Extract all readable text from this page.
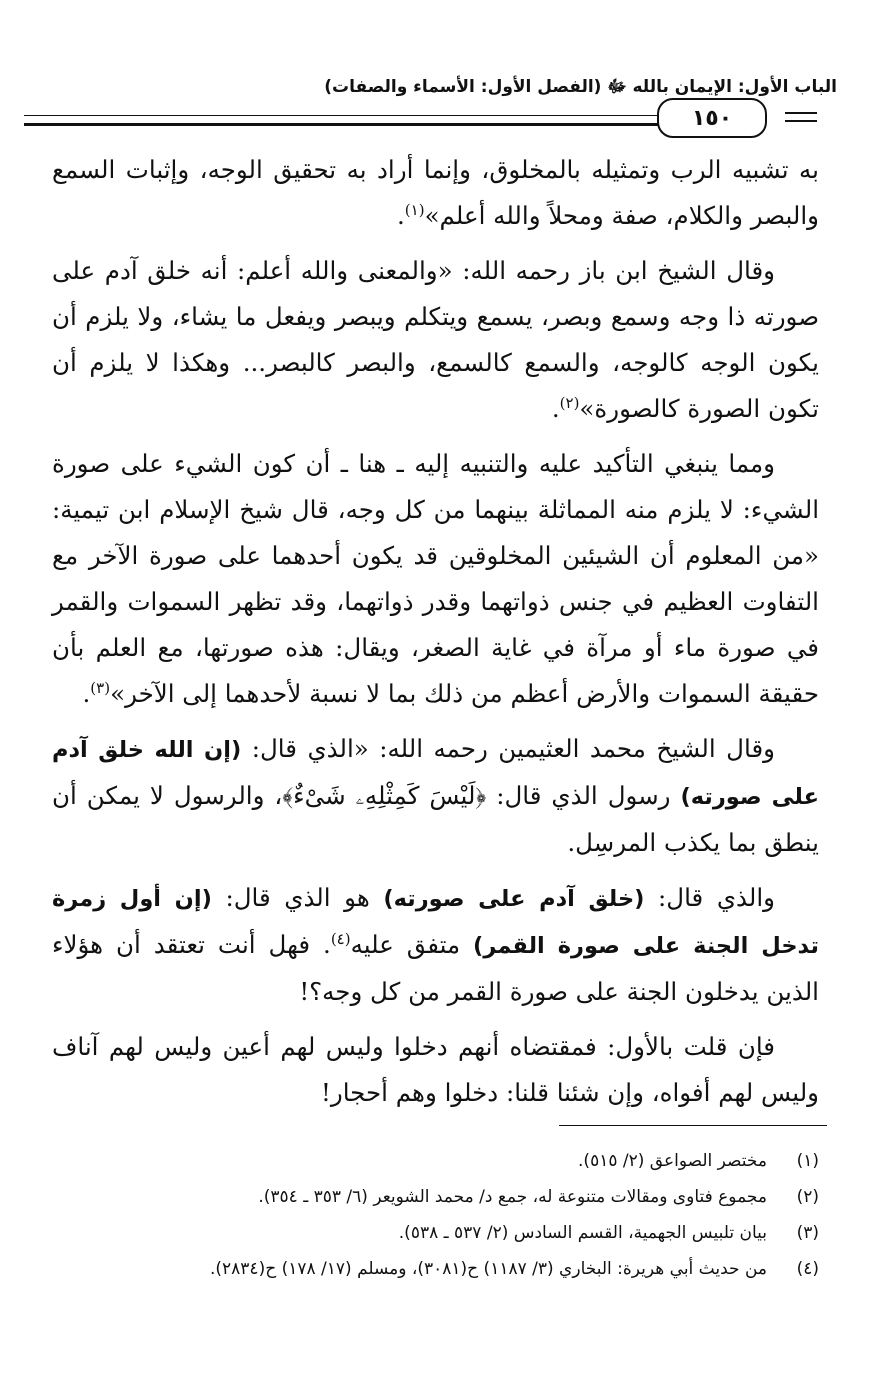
الباب الأول: الإيمان بالله ﷻ (الفصل الأول: الأسماء والصفات)
١٥٠

به تشبيه الرب وتمثيله بالمخلوق، وإنما أراد به تحقيق الوجه، وإثبات السمع والبصر والكلام، صفة ومحلاً والله أعلم»$^{(١)}$.

وقال الشيخ ابن باز رحمه الله: «والمعنى والله أعلم: أنه خلق آدم على صورته ذا وجه وسمع وبصر، يسمع ويتكلم ويبصر ويفعل ما يشاء، ولا يلزم أن يكون الوجه كالوجه، والسمع كالسمع، والبصر كالبصر... وهكذا لا يلزم أن تكون الصورة كالصورة»$^{(٢)}$.

ومما ينبغي التأكيد عليه والتنبيه إليه ـ هنا ـ أن كون الشيء على صورة الشيء: لا يلزم منه المماثلة بينهما من كل وجه، قال شيخ الإسلام ابن تيمية: «من المعلوم أن الشيئين المخلوقين قد يكون أحدهما على صورة الآخر مع التفاوت العظيم في جنس ذواتهما وقدر ذواتهما، وقد تظهر السموات والقمر في صورة ماء أو مرآة في غاية الصغر، ويقال: هذه صورتها، مع العلم بأن حقيقة السموات والأرض أعظم من ذلك بما لا نسبة لأحدهما إلى الآخر»$^{(٣)}$.

وقال الشيخ محمد العثيمين رحمه الله: «الذي قال: (إن الله خلق آدم على صورته) رسول الذي قال: ﴿لَيْسَ كَمِثْلِهِۦ شَىْءٌ﴾، والرسول لا يمكن أن ينطق بما يكذب المرسِل.

والذي قال: (خلق آدم على صورته) هو الذي قال: (إن أول زمرة تدخل الجنة على صورة القمر) متفق عليه$^{(٤)}$. فهل أنت تعتقد أن هؤلاء الذين يدخلون الجنة على صورة القمر من كل وجه؟!

فإن قلت بالأول: فمقتضاه أنهم دخلوا وليس لهم أعين وليس لهم آناف وليس لهم أفواه، وإن شئنا قلنا: دخلوا وهم أحجار!

(١)
مختصر الصواعق (٢/ ٥١٥).
(٢)
مجموع فتاوى ومقالات متنوعة له، جمع د/ محمد الشويعر (٦/ ٣٥٣ ـ ٣٥٤).
(٣)
بيان تلبيس الجهمية، القسم السادس (٢/ ٥٣٧ ـ ٥٣٨).
(٤)
من حديث أبي هريرة: البخاري (٣/ ١١٨٧) ح(٣٠٨١)، ومسلم (١٧/ ١٧٨) ح(٢٨٣٤).
